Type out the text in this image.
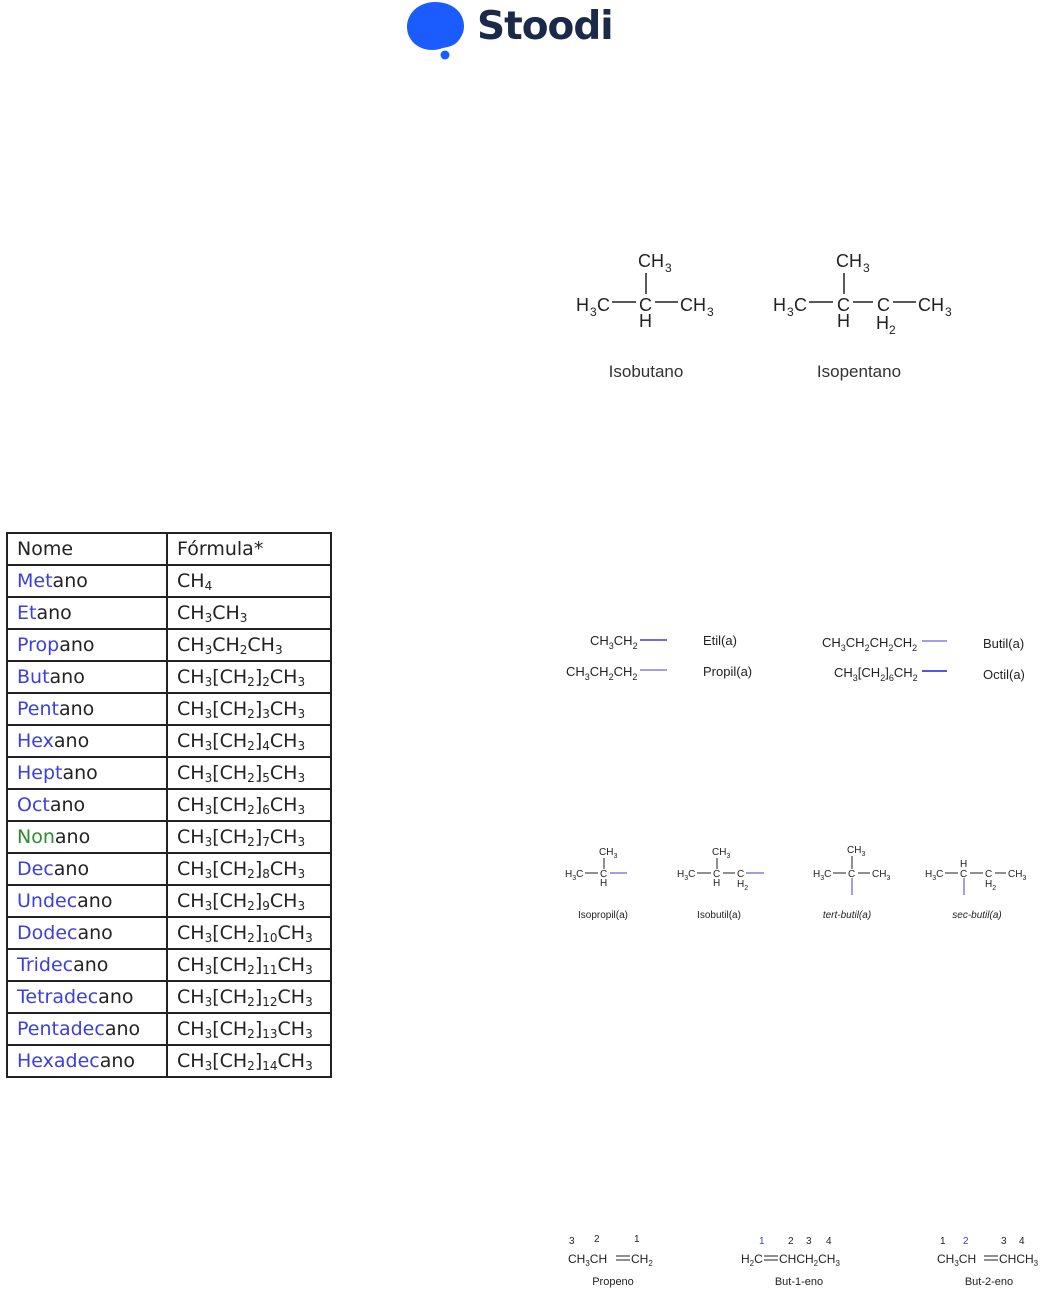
Stoodi
CH 3
H 3 C C CH 3
H
CH 3
H 3 C C C CH 3
H H 2
Isobutano	Isopentano
Nome	Fórmula*
Metano	CH4
Etano	CH3CH3
Propano	CH3CH2CH3
Butano	CH3[CH2]2CH3
Pentano	CH3[CH2]3CH3
Hexano	CH3[CH2]4CH3
Heptano	CH3[CH2]5CH3
Octano	CH3[CH2]6CH3
Nonano	CH3[CH2]7CH3
Decano	CH3[CH2]8CH3
Undecano	CH3[CH2]9CH3
Dodecano	CH3[CH2]10CH3
Tridecano	CH3[CH2]11CH3
Tetradecano	CH3[CH2]12CH3
Pentadecano	CH3[CH2]13CH3
Hexadecano	CH3[CH2]14CH3
$CH_3CH_2$
$CH_3CH_2CH_2$
$CH_3CH_2CH_2CH_2$
$CH_3[CH_2]_6CH_2$
Etil(a)
Propil(a)
Butil(a)
Octil(a)
$CH_3$
$H_3C$ C
H
$CH_3$
$H_3C$ C C
H $H_2$
$CH_3$
$H_3C$ C $CH_3$
H
$H_3C$ C C $CH_3$
$H_2$
Isopropil(a)	Isobutil(a)	tert-butil(a)	sec-butil(a)
3 2	1
$CH_3CH$ $CH_2$
1 2 3 4
$H_2C$ $CHCH_2CH_3$
1 2	3 4
$CH_3CH$ $CHCH_3$
Propeno	But-1-eno	But-2-eno
